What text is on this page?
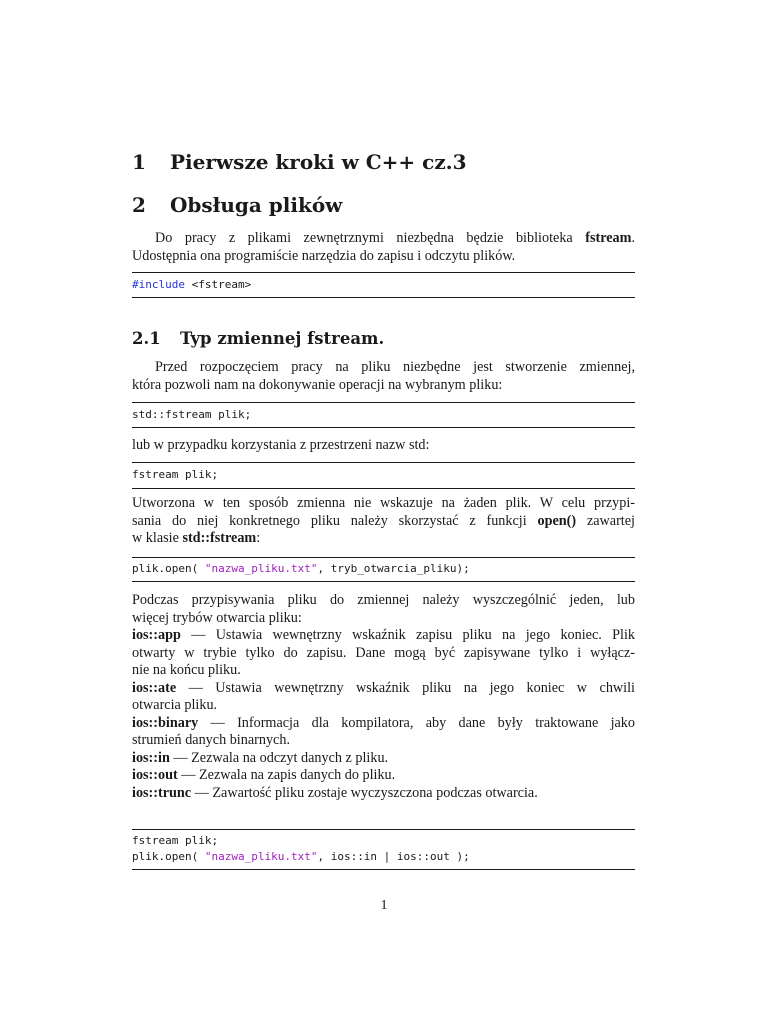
1 Pierwsze kroki w C++ cz.3
2 Obsługa plików
Do pracy z plikami zewnętrznymi niezbędna będzie biblioteka fstream.
Udostępnia ona programiście narzędzia do zapisu i odczytu plików.
#include <fstream>
2.1 Typ zmiennej fstream.
Przed rozpoczęciem pracy na pliku niezbędne jest stworzenie zmiennej,
która pozwoli nam na dokonywanie operacji na wybranym pliku:
std::fstream plik;
lub w przypadku korzystania z przestrzeni nazw std:
fstream plik;
Utworzona w ten sposób zmienna nie wskazuje na żaden plik. W celu przypi-
sania do niej konkretnego pliku należy skorzystać z funkcji open() zawartej
w klasie std::fstream:
plik.open( "nazwa_pliku.txt", tryb_otwarcia_pliku);
Podczas przypisywania pliku do zmiennej należy wyszczególnić jeden, lub
więcej trybów otwarcia pliku:
ios::app — Ustawia wewnętrzny wskaźnik zapisu pliku na jego koniec. Plik
otwarty w trybie tylko do zapisu. Dane mogą być zapisywane tylko i wyłącz-
nie na końcu pliku.
ios::ate — Ustawia wewnętrzny wskaźnik pliku na jego koniec w chwili
otwarcia pliku.
ios::binary — Informacja dla kompilatora, aby dane były traktowane jako
strumień danych binarnych.
ios::in — Zezwala na odczyt danych z pliku.
ios::out — Zezwala na zapis danych do pliku.
ios::trunc — Zawartość pliku zostaje wyczyszczona podczas otwarcia.
fstream plik;
plik.open( "nazwa_pliku.txt", ios::in | ios::out );
1
